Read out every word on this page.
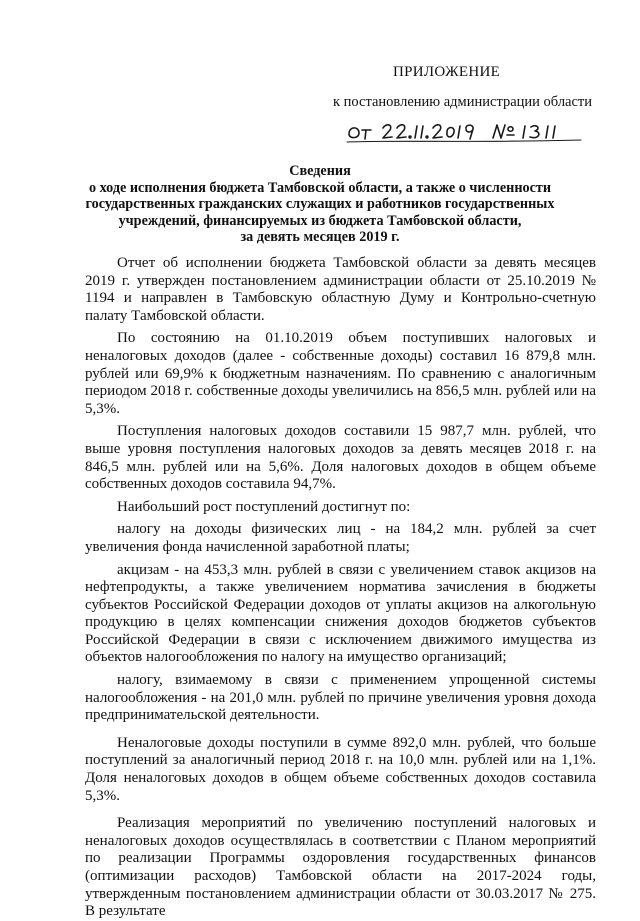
ПРИЛОЖЕНИЕ
к постановлению администрации области
Сведения
о ходе исполнения бюджета Тамбовской области, а также о численности
государственных гражданских служащих и работников государственных
учреждений, финансируемых из бюджета Тамбовской области,
за девять месяцев 2019 г.

Отчет об исполнении бюджета Тамбовской области за девять месяцев 2019 г. утвержден постановлением администрации области от 25.10.2019 № 1194 и направлен в Тамбовскую областную Думу и Контрольно-счетную палату Тамбовской области.

По состоянию на 01.10.2019 объем поступивших налоговых и неналоговых доходов (далее - собственные доходы) составил 16 879,8 млн. рублей или 69,9% к бюджетным назначениям. По сравнению с аналогичным периодом 2018 г. собственные доходы увеличились на 856,5 млн. рублей или на 5,3%.

Поступления налоговых доходов составили 15 987,7 млн. рублей, что выше уровня поступления налоговых доходов за девять месяцев 2018 г. на 846,5 млн. рублей или на 5,6%. Доля налоговых доходов в общем объеме собственных доходов составила 94,7%.

Наибольший рост поступлений достигнут по:

налогу на доходы физических лиц - на 184,2 млн. рублей за счет увеличения фонда начисленной заработной платы;

акцизам - на 453,3 млн. рублей в связи с увеличением ставок акцизов на нефтепродукты, а также увеличением норматива зачисления в бюджеты субъектов Российской Федерации доходов от уплаты акцизов на алкогольную продукцию в целях компенсации снижения доходов бюджетов субъектов Российской Федерации в связи с исключением движимого имущества из объектов налогообложения по налогу на имущество организаций;

налогу, взимаемому в связи с применением упрощенной системы налогообложения - на 201,0 млн. рублей по причине увеличения уровня дохода предпринимательской деятельности.

Неналоговые доходы поступили в сумме 892,0 млн. рублей, что больше поступлений за аналогичный период 2018 г. на 10,0 млн. рублей или на 1,1%. Доля неналоговых доходов в общем объеме собственных доходов составила 5,3%.

Реализация мероприятий по увеличению поступлений налоговых и неналоговых доходов осуществлялась в соответствии с Планом мероприятий по реализации Программы оздоровления государственных финансов (оптимизации расходов) Тамбовской области на 2017-2024 годы, утвержденным постановлением администрации области от 30.03.2017 № 275. В результате
